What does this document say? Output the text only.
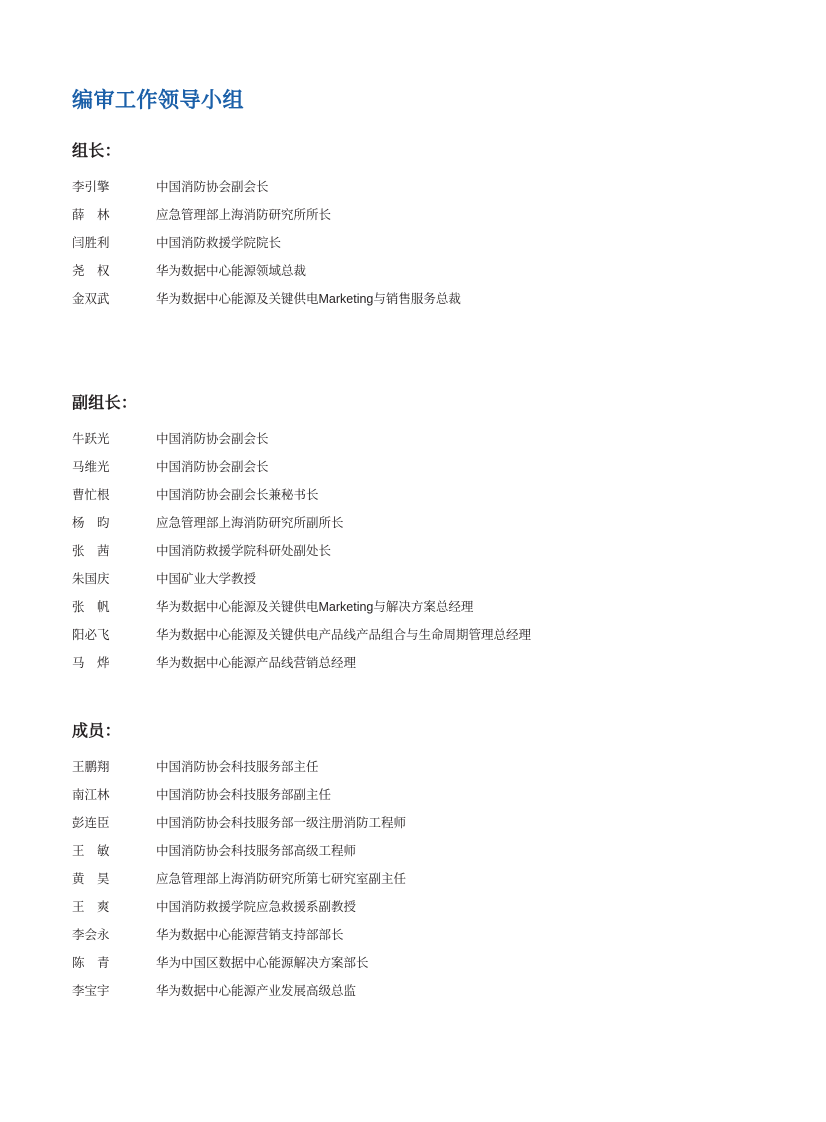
编审工作领导小组
组长：
李引擎	中国消防协会副会长
薛　林	应急管理部上海消防研究所所长
闫胜利	中国消防救援学院院长
尧　权	华为数据中心能源领域总裁
金双武	华为数据中心能源及关键供电Marketing与销售服务总裁
副组长：
牛跃光	中国消防协会副会长
马维光	中国消防协会副会长
曹忙根	中国消防协会副会长兼秘书长
杨　昀	应急管理部上海消防研究所副所长
张　茜	中国消防救援学院科研处副处长
朱国庆	中国矿业大学教授
张　帆	华为数据中心能源及关键供电Marketing与解决方案总经理
阳必飞	华为数据中心能源及关键供电产品线产品组合与生命周期管理总经理
马　烨	华为数据中心能源产品线营销总经理
成员：
王鹏翔	中国消防协会科技服务部主任
南江林	中国消防协会科技服务部副主任
彭连臣	中国消防协会科技服务部一级注册消防工程师
王　敏	中国消防协会科技服务部高级工程师
黄　昊	应急管理部上海消防研究所第七研究室副主任
王　爽	中国消防救援学院应急救援系副教授
李会永	华为数据中心能源营销支持部部长
陈　青	华为中国区数据中心能源解决方案部长
李宝宇	华为数据中心能源产业发展高级总监
